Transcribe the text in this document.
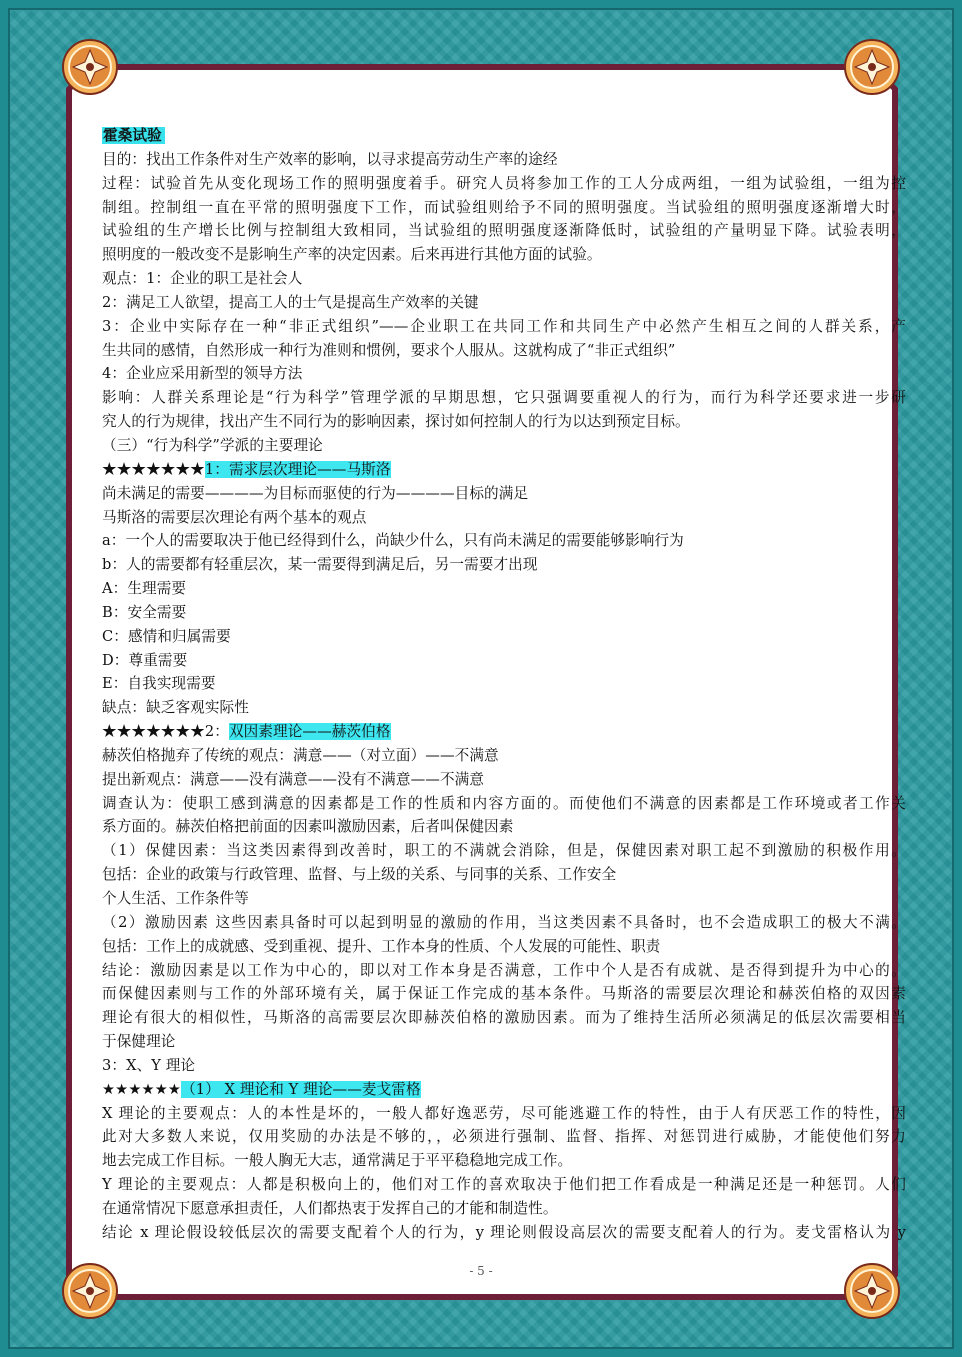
霍桑试验

目的：找出工作条件对生产效率的影响，以寻求提高劳动生产率的途经

过程：试验首先从变化现场工作的照明强度着手。研究人员将参加工作的工人分成两组，一组为试验组，一组为控

制组。控制组一直在平常的照明强度下工作，而试验组则给予不同的照明强度。当试验组的照明强度逐渐增大时，

试验组的生产增长比例与控制组大致相同，当试验组的照明强度逐渐降低时，试验组的产量明显下降。试验表明，

照明度的一般改变不是影响生产率的决定因素。后来再进行其他方面的试验。

观点：1：企业的职工是社会人

2：满足工人欲望，提高工人的士气是提高生产效率的关键

3：企业中实际存在一种“非正式组织”——企业职工在共同工作和共同生产中必然产生相互之间的人群关系，产

生共同的感情，自然形成一种行为准则和惯例，要求个人服从。这就构成了“非正式组织”

4：企业应采用新型的领导方法

影响：人群关系理论是“行为科学”管理学派的早期思想，它只强调要重视人的行为，而行为科学还要求进一步研

究人的行为规律，找出产生不同行为的影响因素，探讨如何控制人的行为以达到预定目标。

（三）“行为科学”学派的主要理论

★★★★★★★1：需求层次理论——马斯洛

尚未满足的需要————为目标而驱使的行为————目标的满足

马斯洛的需要层次理论有两个基本的观点

a：一个人的需要取决于他已经得到什么，尚缺少什么，只有尚未满足的需要能够影响行为

b：人的需要都有轻重层次，某一需要得到满足后，另一需要才出现

A：生理需要

B：安全需要

C：感情和归属需要

D：尊重需要

E：自我实现需要

缺点：缺乏客观实际性

★★★★★★★2：双因素理论——赫茨伯格

赫茨伯格抛弃了传统的观点：满意——（对立面）——不满意

提出新观点：满意——没有满意——没有不满意——不满意

调查认为：使职工感到满意的因素都是工作的性质和内容方面的。而使他们不满意的因素都是工作环境或者工作关

系方面的。赫茨伯格把前面的因素叫激励因素，后者叫保健因素

（1）保健因素：当这类因素得到改善时，职工的不满就会消除，但是，保健因素对职工起不到激励的积极作用。

包括：企业的政策与行政管理、监督、与上级的关系、与同事的关系、工作安全

个人生活、工作条件等

（2）激励因素 这些因素具备时可以起到明显的激励的作用，当这类因素不具备时，也不会造成职工的极大不满。

包括：工作上的成就感、受到重视、提升、工作本身的性质、个人发展的可能性、职责

结论：激励因素是以工作为中心的，即以对工作本身是否满意，工作中个人是否有成就、是否得到提升为中心的。

而保健因素则与工作的外部环境有关，属于保证工作完成的基本条件。马斯洛的需要层次理论和赫茨伯格的双因素

理论有很大的相似性，马斯洛的高需要层次即赫茨伯格的激励因素。而为了维持生活所必须满足的低层次需要相当

于保健理论

3：X、Y 理论

★★★★★★（1） X 理论和 Y 理论——麦戈雷格

X 理论的主要观点：人的本性是坏的，一般人都好逸恶劳，尽可能逃避工作的特性，由于人有厌恶工作的特性，因

此对大多数人来说，仅用奖励的办法是不够的，，必须进行强制、监督、指挥、对惩罚进行威胁，才能使他们努力

地去完成工作目标。一般人胸无大志，通常满足于平平稳稳地完成工作。

Y 理论的主要观点：人都是积极向上的，他们对工作的喜欢取决于他们把工作看成是一种满足还是一种惩罚。人们

在通常情况下愿意承担责任，人们都热衷于发挥自己的才能和制造性。

结论 x 理论假设较低层次的需要支配着个人的行为，y 理论则假设高层次的需要支配着人的行为。麦戈雷格认为 y

- 5 -
